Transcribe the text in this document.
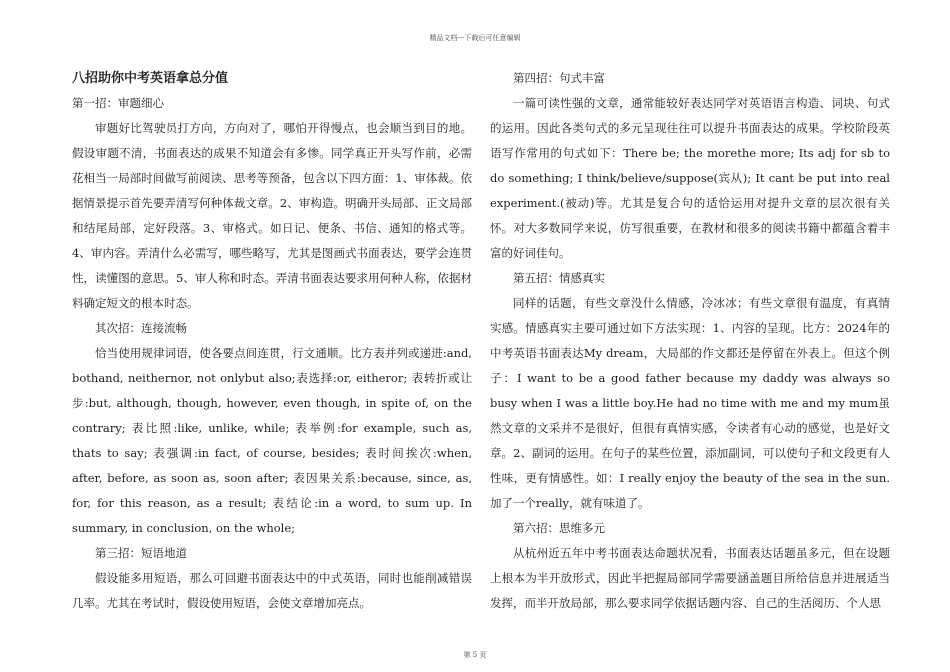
精品文档---下载后可任意编辑

八招助你中考英语拿总分值

第一招：审题细心

审题好比驾驶员打方向，方向对了，哪怕开得慢点，也会顺当到目的地。假设审题不清，书面表达的成果不知道会有多惨。同学真正开头写作前，必需花相当一局部时间做写前阅读、思考等预备，包含以下四方面：1、审体裁。依据情景提示首先要弄清写何种体裁文章。2、审构造。明确开头局部、正文局部和结尾局部，定好段落。3、审格式。如日记、便条、书信、通知的格式等。4、审内容。弄清什么必需写，哪些略写，尤其是图画式书面表达，要学会连贯性，读懂图的意思。5、审人称和时态。弄清书面表达要求用何种人称，依据材料确定短文的根本时态。

其次招：连接流畅

恰当使用规律词语，使各要点间连贯，行文通顺。比方表并列或递进:and, bothand, neithernor, not onlybut also;表选择:or, eitheror; 表转折或让步:but, although, though, however, even though, in spite of, on the contrary; 表比照:like, unlike, while; 表举例:for example, such as, thats to say; 表强调:in fact, of course, besides; 表时间挨次:when, after, before, as soon as, soon after; 表因果关系:because, since, as, for, for this reason, as a result; 表结论:in a word, to sum up. In summary, in conclusion, on the whole;

第三招：短语地道

假设能多用短语，那么可回避书面表达中的中式英语，同时也能削减错误几率。尤其在考试时，假设使用短语，会使文章增加亮点。

第四招：句式丰富

一篇可读性强的文章，通常能较好表达同学对英语语言构造、词块、句式的运用。因此各类句式的多元呈现往往可以提升书面表达的成果。学校阶段英语写作常用的句式如下：There be; the morethe more; Its adj for sb to do something; I think/believe/suppose(宾从); It cant be put into real experiment.(被动)等。尤其是复合句的适恰运用对提升文章的层次很有关怀。对大多数同学来说，仿写很重要，在教材和很多的阅读书籍中都蕴含着丰富的好词佳句。

第五招：情感真实

同样的话题，有些文章没什么情感，冷冰冰；有些文章很有温度，有真情实感。情感真实主要可通过如下方法实现：1、内容的呈现。比方：2024年的中考英语书面表达My dream，大局部的作文都还是停留在外表上。但这个例子：I want to be a good father because my daddy was always so busy when I was a little boy.He had no time with me and my mum虽然文章的文采并不是很好，但很有真情实感，令读者有心动的感觉，也是好文章。2、副词的运用。在句子的某些位置，添加副词，可以使句子和文段更有人性味，更有情感性。如：I really enjoy the beauty of the sea in the sun.加了一个really，就有味道了。

第六招：思维多元

从杭州近五年中考书面表达命题状况看，书面表达话题虽多元，但在设题上根本为半开放形式，因此半把握局部同学需要涵盖题目所给信息并进展适当发挥，而半开放局部，那么要求同学依据话题内容、自己的生活阅历、个人思

第 5 页
